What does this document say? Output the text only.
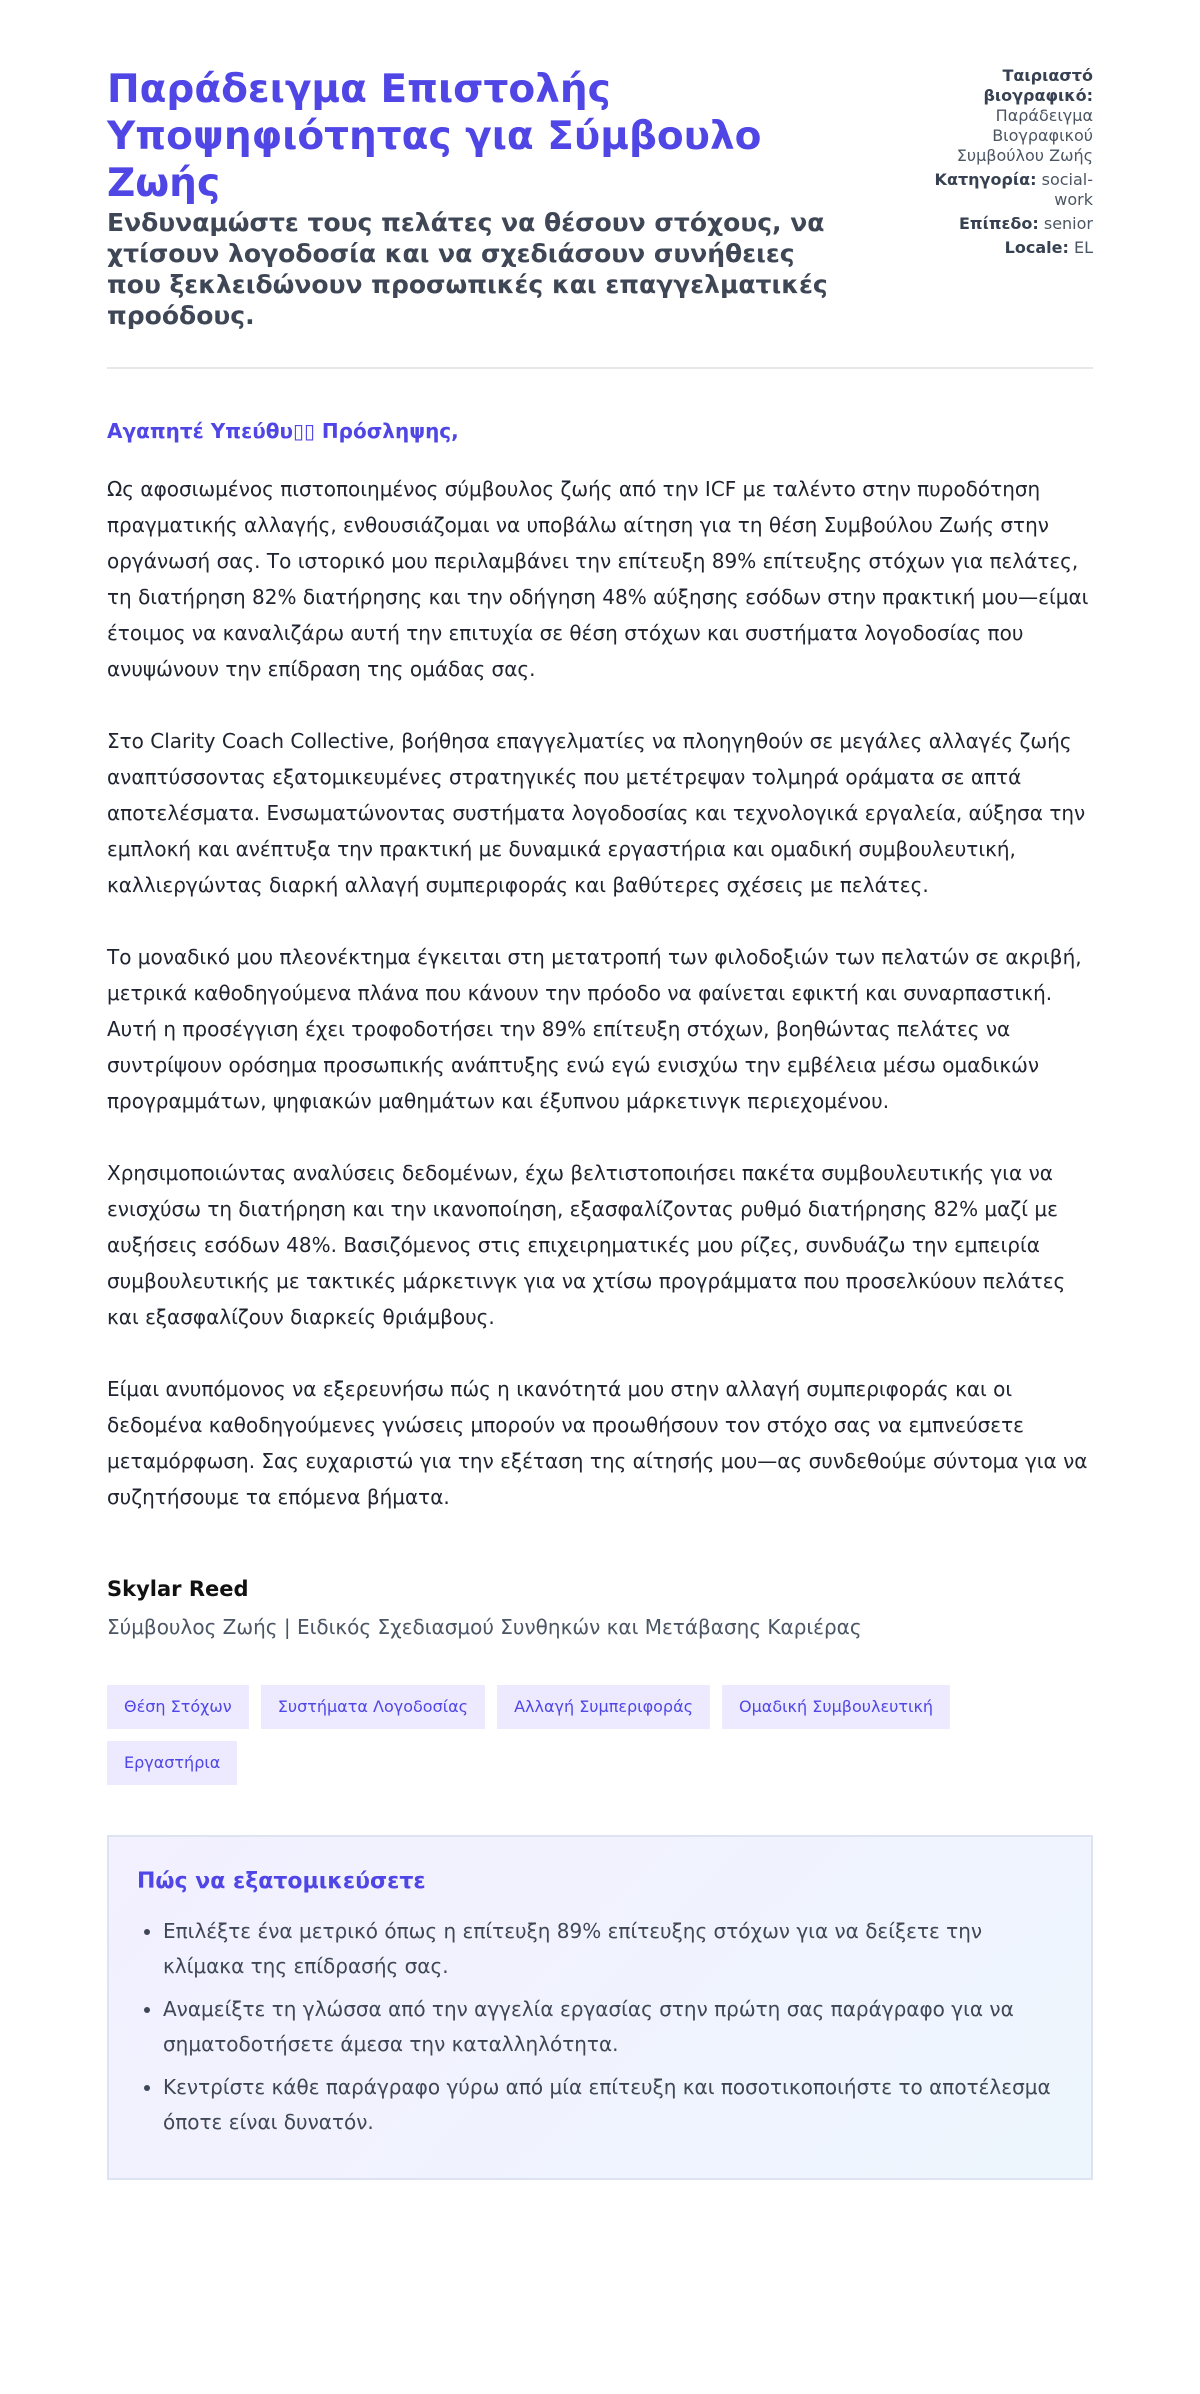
Παράδειγμα Επιστολής Υποψηφιότητας για Σύμβουλο Ζωής
Ενδυναμώστε τους πελάτες να θέσουν στόχους, να χτίσουν λογοδοσία και να σχεδιάσουν συνήθειες που ξεκλειδώνουν προσωπικές και επαγγελματικές προόδους.
Ταιριαστό βιογραφικό: Παράδειγμα Βιογραφικού Συμβούλου Ζωής
Κατηγορία: social-work
Επίπεδο: senior
Locale: EL
Αγαπητέ Υπεύθυ▯▯ Πρόσληψης,

Ως αφοσιωμένος πιστοποιημένος σύμβουλος ζωής από την ICF με ταλέντο στην πυροδότηση πραγματικής αλλαγής, ενθουσιάζομαι να υποβάλω αίτηση για τη θέση Συμβούλου Ζωής στην οργάνωσή σας. Το ιστορικό μου περιλαμβάνει την επίτευξη 89% επίτευξης στόχων για πελάτες, τη διατήρηση 82% διατήρησης και την οδήγηση 48% αύξησης εσόδων στην πρακτική μου—είμαι έτοιμος να καναλιζάρω αυτή την επιτυχία σε θέση στόχων και συστήματα λογοδοσίας που ανυψώνουν την επίδραση της ομάδας σας.

Στο Clarity Coach Collective, βοήθησα επαγγελματίες να πλοηγηθούν σε μεγάλες αλλαγές ζωής αναπτύσσοντας εξατομικευμένες στρατηγικές που μετέτρεψαν τολμηρά οράματα σε απτά αποτελέσματα. Ενσωματώνοντας συστήματα λογοδοσίας και τεχνολογικά εργαλεία, αύξησα την εμπλοκή και ανέπτυξα την πρακτική με δυναμικά εργαστήρια και ομαδική συμβουλευτική, καλλιεργώντας διαρκή αλλαγή συμπεριφοράς και βαθύτερες σχέσεις με πελάτες.

Το μοναδικό μου πλεονέκτημα έγκειται στη μετατροπή των φιλοδοξιών των πελατών σε ακριβή, μετρικά καθοδηγούμενα πλάνα που κάνουν την πρόοδο να φαίνεται εφικτή και συναρπαστική. Αυτή η προσέγγιση έχει τροφοδοτήσει την 89% επίτευξη στόχων, βοηθώντας πελάτες να συντρίψουν ορόσημα προσωπικής ανάπτυξης ενώ εγώ ενισχύω την εμβέλεια μέσω ομαδικών προγραμμάτων, ψηφιακών μαθημάτων και έξυπνου μάρκετινγκ περιεχομένου.

Χρησιμοποιώντας αναλύσεις δεδομένων, έχω βελτιστοποιήσει πακέτα συμβουλευτικής για να ενισχύσω τη διατήρηση και την ικανοποίηση, εξασφαλίζοντας ρυθμό διατήρησης 82% μαζί με αυξήσεις εσόδων 48%. Βασιζόμενος στις επιχειρηματικές μου ρίζες, συνδυάζω την εμπειρία συμβουλευτικής με τακτικές μάρκετινγκ για να χτίσω προγράμματα που προσελκύουν πελάτες και εξασφαλίζουν διαρκείς θριάμβους.

Είμαι ανυπόμονος να εξερευνήσω πώς η ικανότητά μου στην αλλαγή συμπεριφοράς και οι δεδομένα καθοδηγούμενες γνώσεις μπορούν να προωθήσουν τον στόχο σας να εμπνεύσετε μεταμόρφωση. Σας ευχαριστώ για την εξέταση της αίτησής μου—ας συνδεθούμε σύντομα για να συζητήσουμε τα επόμενα βήματα.

Skylar Reed
Σύμβουλος Ζωής | Ειδικός Σχεδιασμού Συνθηκών και Μετάβασης Καριέρας
Θέση Στόχων	Συστήματα Λογοδοσίας	Αλλαγή Συμπεριφοράς	Ομαδική Συμβουλευτική
Εργαστήρια
Πώς να εξατομικεύσετε
• Επιλέξτε ένα μετρικό όπως η επίτευξη 89% επίτευξης στόχων για να δείξετε την κλίμακα της επίδρασής σας.
• Αναμείξτε τη γλώσσα από την αγγελία εργασίας στην πρώτη σας παράγραφο για να σηματοδοτήσετε άμεσα την καταλληλότητα.
• Κεντρίστε κάθε παράγραφο γύρω από μία επίτευξη και ποσοτικοποιήστε το αποτέλεσμα όποτε είναι δυνατόν.
